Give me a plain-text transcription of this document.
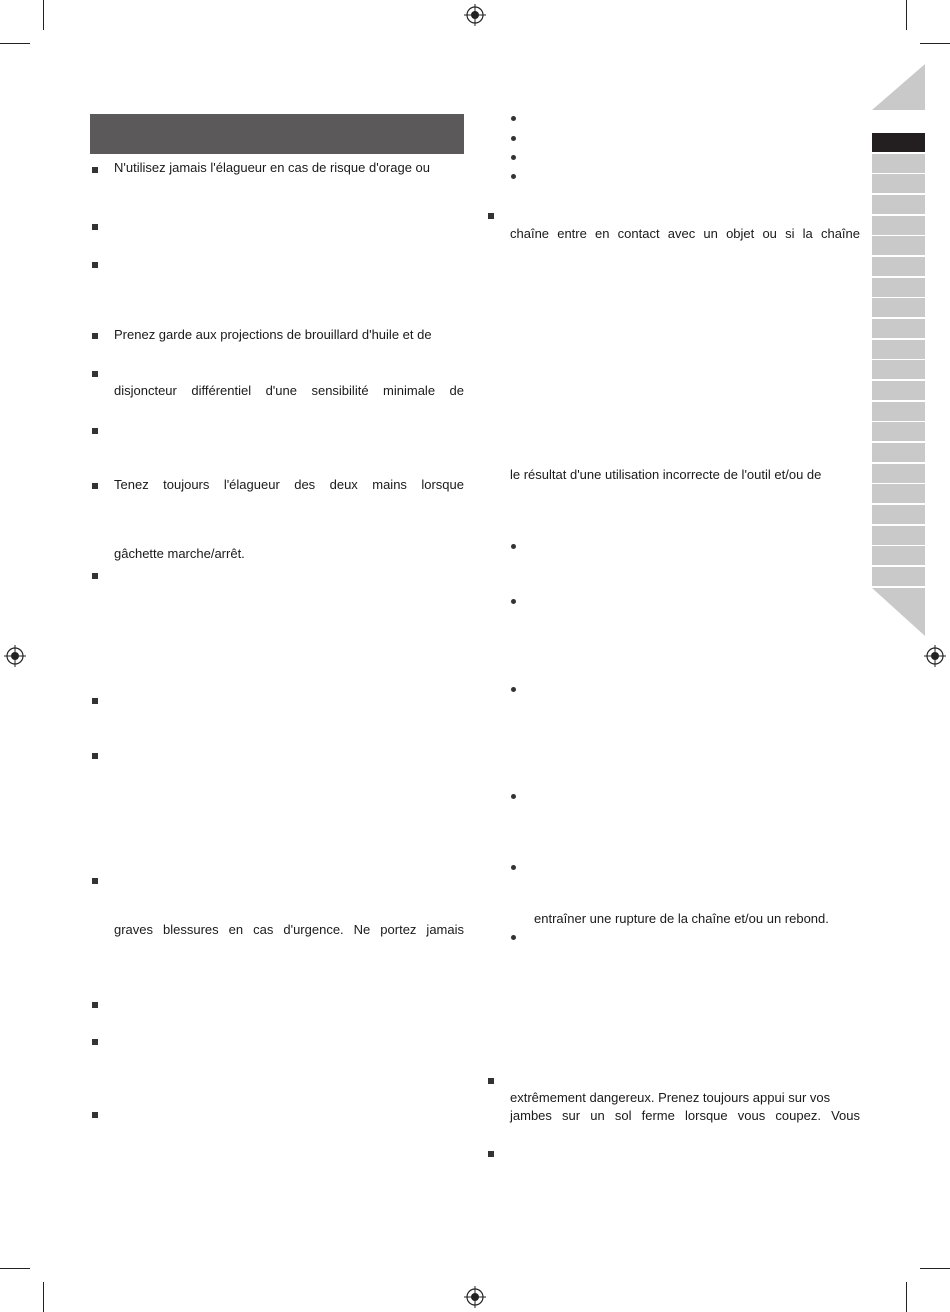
N'utilisez jamais l'élagueur en cas de risque d'orage ou
Prenez garde aux projections de brouillard d'huile et de
disjoncteur différentiel d'une sensibilité minimale de
Tenez toujours l'élagueur des deux mains lorsque
gâchette marche/arrêt.
graves blessures en cas d'urgence. Ne portez jamais
chaîne entre en contact avec un objet ou si la chaîne
le résultat d'une utilisation incorrecte de l'outil et/ou de
entraîner une rupture de la chaîne et/ou un rebond.
extrêmement dangereux. Prenez toujours appui sur vos
jambes sur un sol ferme lorsque vous coupez. Vous
